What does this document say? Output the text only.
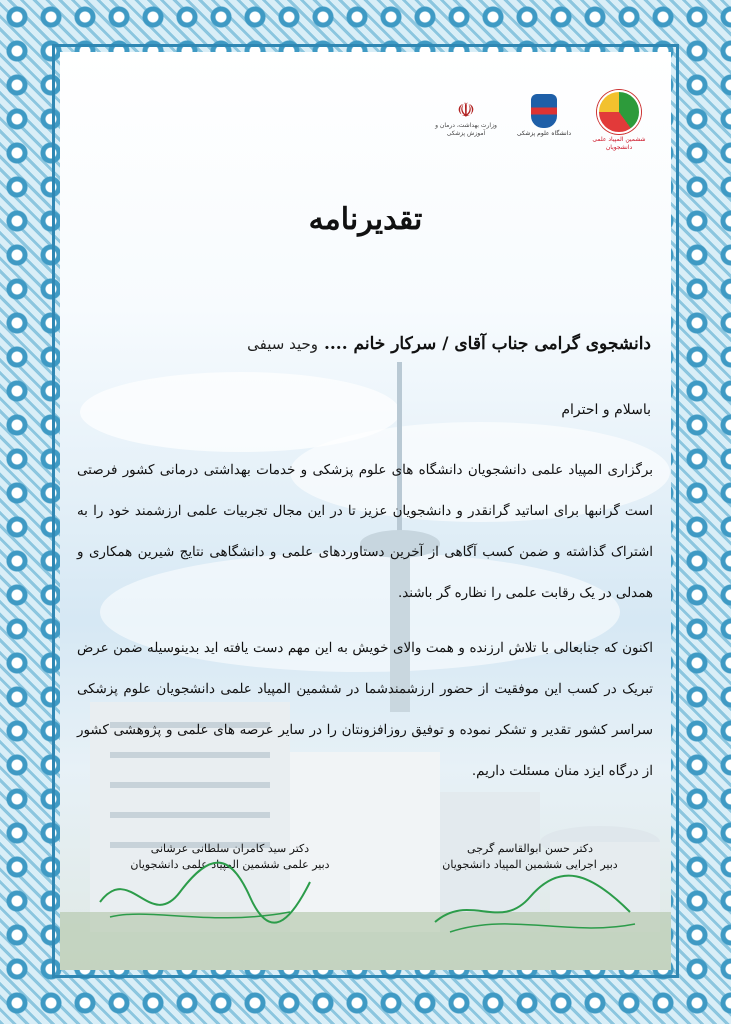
☫
وزارت بهداشت، درمان و آموزش پزشکی	دانشگاه علوم پزشکی
ششمین المپیاد علمی دانشجویان
تقدیرنامه
دانشجوی گرامی جناب آقای / سرکار خانم .... وحید سیفی
باسلام و احترام

برگزاری المپیاد علمی دانشجویان دانشگاه های علوم پزشکی و خدمات بهداشتی درمانی کشور فرصتی است گرانبها برای اساتید گرانقدر و دانشجویان عزیز تا در این مجال تجربیات علمی ارزشمند خود را به اشتراک گذاشته و ضمن کسب آگاهی از آخرین دستاوردهای علمی و دانشگاهی نتایج شیرین همکاری و همدلی در یک رقابت علمی را نظاره گر باشند.

اکنون که جنابعالی با تلاش ارزنده و همت والای خویش به این مهم دست یافته اید بدینوسیله ضمن عرض تبریک در کسب این موفقیت از حضور ارزشمندشما در ششمین المپیاد علمی دانشجویان علوم پزشکی سراسر کشور تقدیر و تشکر نموده و توفیق روزافزونتان را در سایر عرصه های علمی و پژوهشی کشور از درگاه ایزد منان مسئلت داریم.

دکتر سید کامران سلطانی عرشانی
دبیر علمی ششمین المپیاد علمی دانشجویان
دکتر حسن ابوالقاسم گرجی
دبیر اجرایی ششمین المپیاد دانشجویان
